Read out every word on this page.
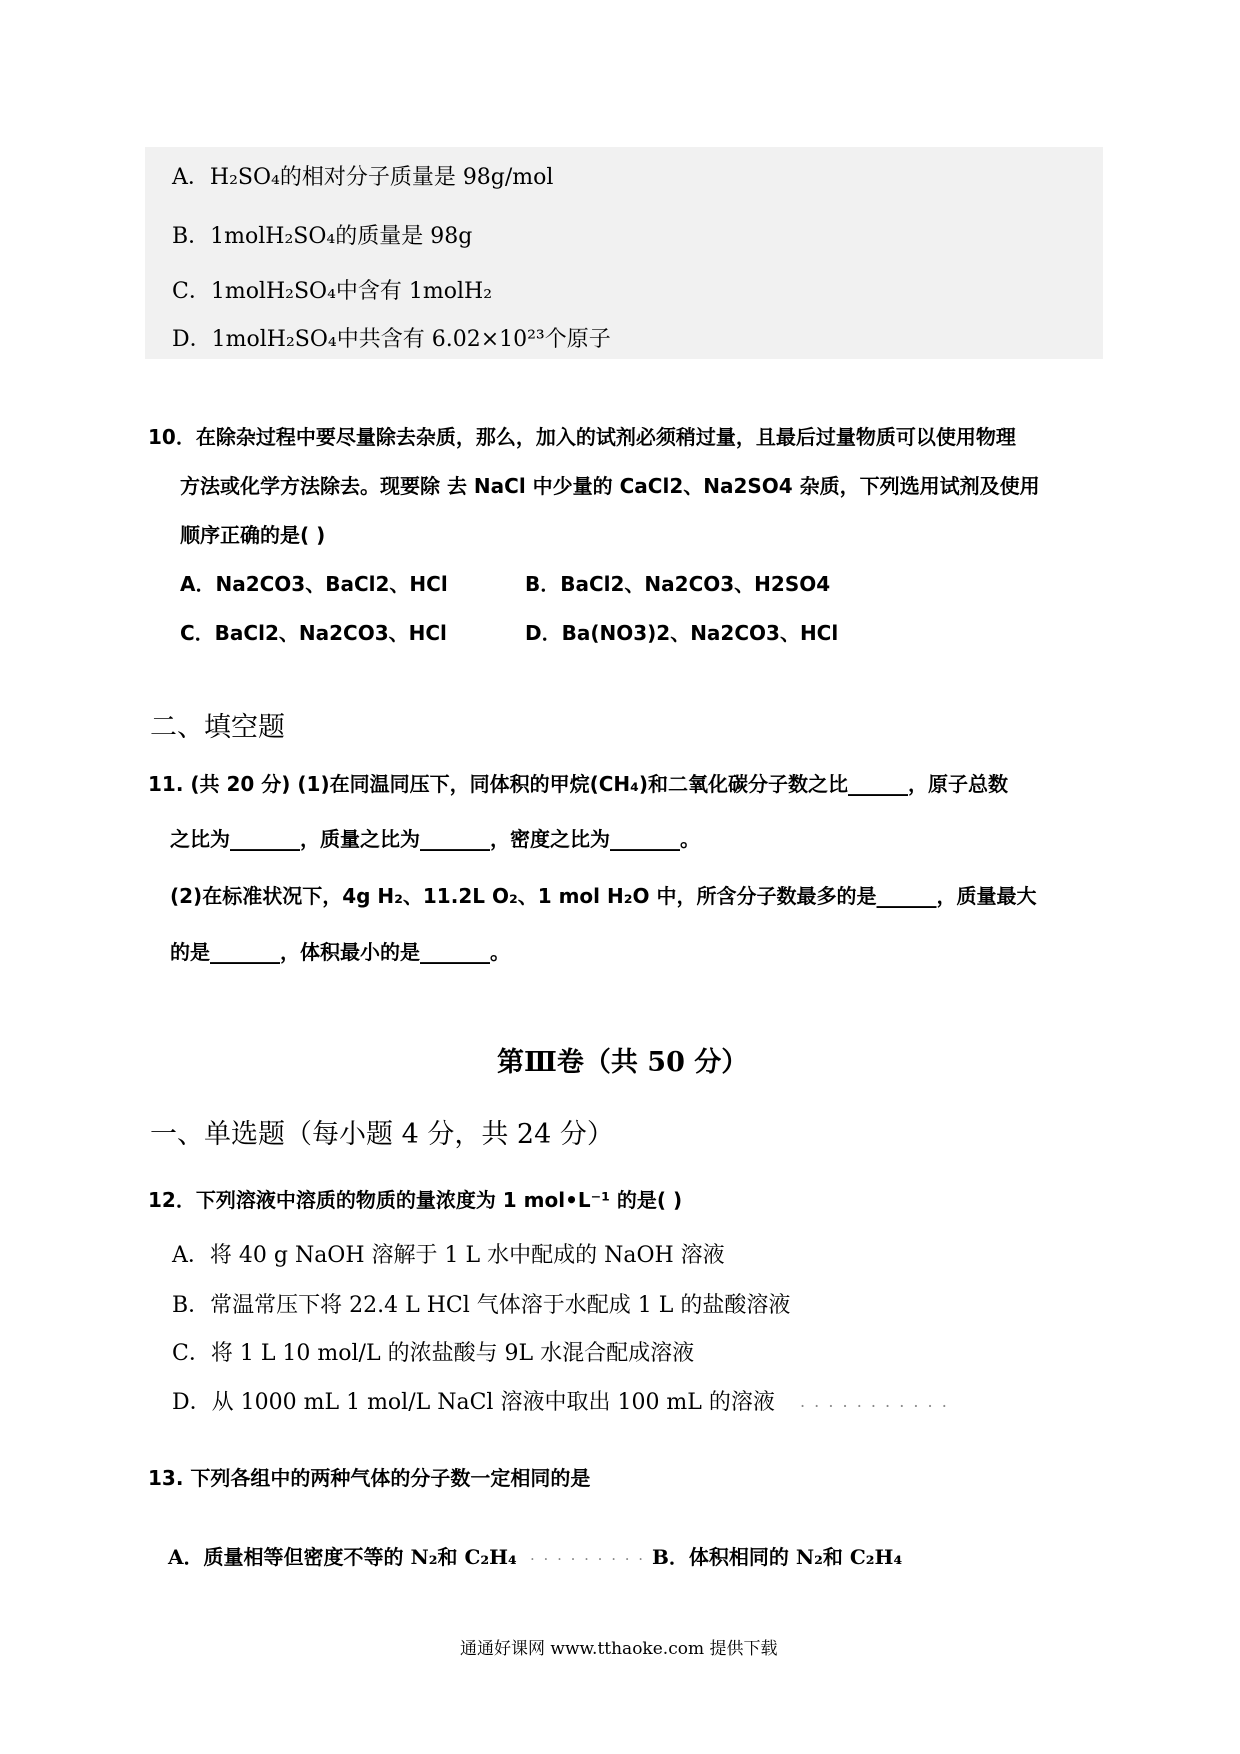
A．H₂SO₄的相对分子质量是 98g/mol
B．1molH₂SO₄的质量是 98g
C．1molH₂SO₄中含有 1molH₂
D．1molH₂SO₄中共含有 6.02×10²³个原子
10．在除杂过程中要尽量除去杂质，那么，加入的试剂必须稍过量，且最后过量物质可以使用物理
方法或化学方法除去。现要除 去 NaCl 中少量的 CaCl2、Na2SO4 杂质，下列选用试剂及使用
顺序正确的是( )
A．Na2CO3、BaCl2、HCl	B．BaCl2、Na2CO3、H2SO4
C．BaCl2、Na2CO3、HCl	D．Ba(NO3)2、Na2CO3、HCl
二、填空题
11. (共 20 分) (1)在同温同压下，同体积的甲烷(CH₄)和二氧化碳分子数之比______，原子总数
之比为_______，质量之比为_______，密度之比为_______。
(2)在标准状况下，4g H₂、11.2L O₂、1 mol H₂O 中，所含分子数最多的是______，质量最大
的是_______，体积最小的是_______。
第Ⅲ卷（共 50 分）
一、单选题（每小题 4 分，共 24 分）
12．下列溶液中溶质的物质的量浓度为 1 mol•L⁻¹ 的是( )
A．将 40 g NaOH 溶解于 1 L 水中配成的 NaOH 溶液
B．常温常压下将 22.4 L HCl 气体溶于水配成 1 L 的盐酸溶液
C．将 1 L 10 mol/L 的浓盐酸与 9L 水混合配成溶液
D．从 1000 mL 1 mol/L NaCl 溶液中取出 100 mL 的溶液 . . . . . . . . . . .
13. 下列各组中的两种气体的分子数一定相同的是
A．质量相等但密度不等的 N₂和 C₂H₄ . . . . . . . . . B．体积相同的 N₂和 C₂H₄
通通好课网 www.tthaoke.com 提供下载
